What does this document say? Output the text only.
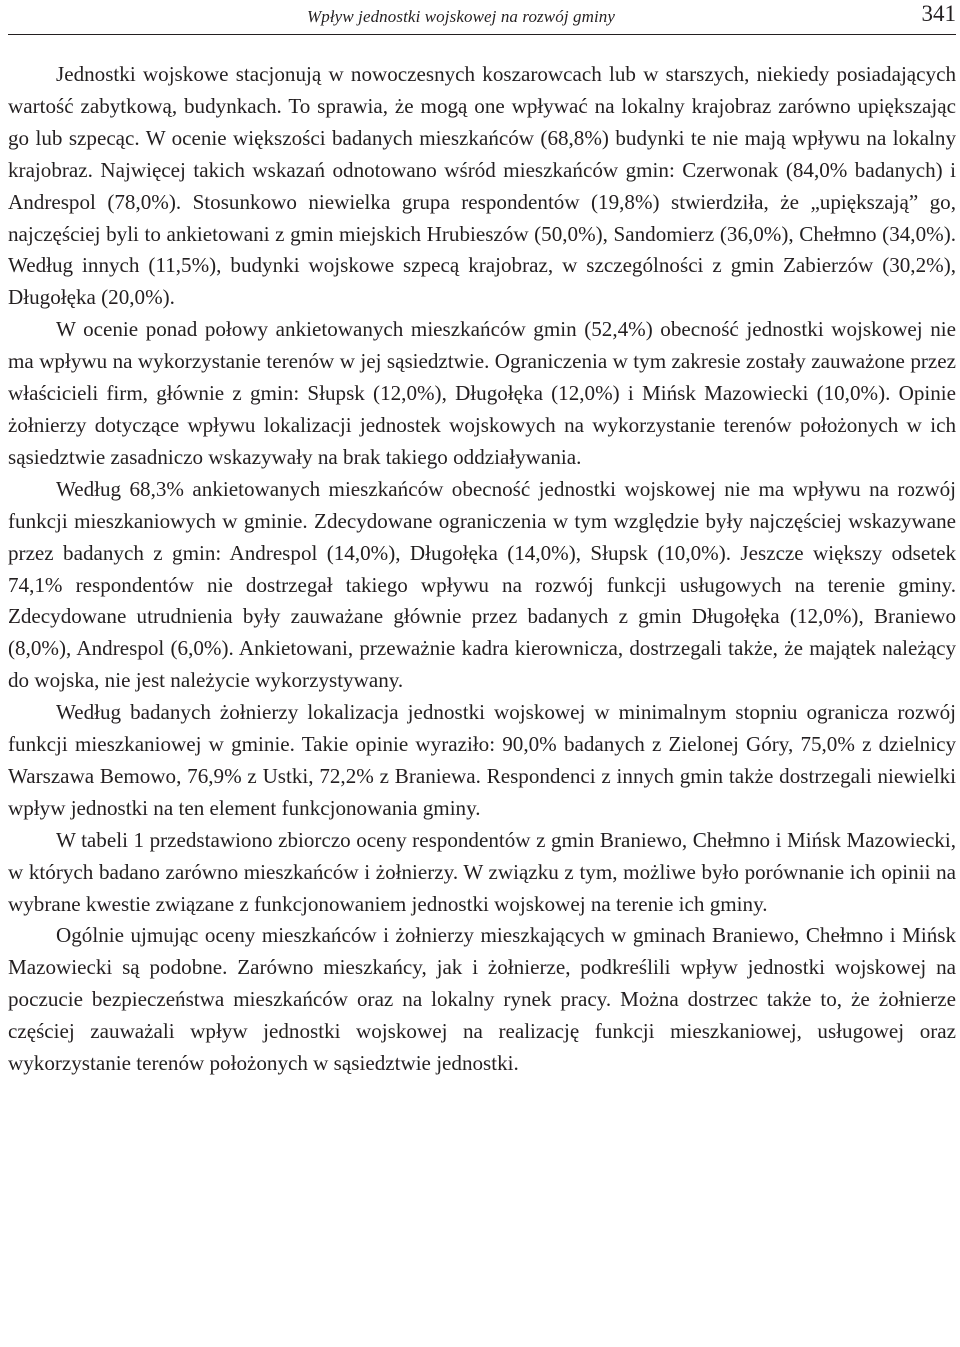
Wpływ jednostki wojskowej na rozwój gminy	341

Jednostki wojskowe stacjonują w nowoczesnych koszarowcach lub w starszych, niekiedy posiadających wartość zabytkową, budynkach. To sprawia, że mogą one wpływać na lokalny krajobraz zarówno upiększając go lub szpecąc. W ocenie większości badanych mieszkańców (68,8%) budynki te nie mają wpływu na lokalny krajobraz. Najwięcej takich wskazań odnotowano wśród mieszkańców gmin: Czerwonak (84,0% badanych) i Andrespol (78,0%). Stosunkowo niewielka grupa respondentów (19,8%) stwierdziła, że „upiększają” go, najczęściej byli to ankietowani z gmin miejskich Hrubieszów (50,0%), Sandomierz (36,0%), Chełmno (34,0%). Według innych (11,5%), budynki wojskowe szpecą krajobraz, w szczególności z gmin Zabierzów (30,2%), Długołęka (20,0%).

W ocenie ponad połowy ankietowanych mieszkańców gmin (52,4%) obecność jednostki wojskowej nie ma wpływu na wykorzystanie terenów w jej sąsiedztwie. Ograniczenia w tym zakresie zostały zauważone przez właścicieli firm, głównie z gmin: Słupsk (12,0%), Długołęka (12,0%) i Mińsk Mazowiecki (10,0%). Opinie żołnierzy dotyczące wpływu lokalizacji jednostek wojskowych na wykorzystanie terenów położonych w ich sąsiedztwie zasadniczo wskazywały na brak takiego oddziaływania.

Według 68,3% ankietowanych mieszkańców obecność jednostki wojskowej nie ma wpływu na rozwój funkcji mieszkaniowych w gminie. Zdecydowane ograniczenia w tym względzie były najczęściej wskazywane przez badanych z gmin: Andrespol (14,0%), Długołęka (14,0%), Słupsk (10,0%). Jeszcze większy odsetek 74,1% respondentów nie dostrzegał takiego wpływu na rozwój funkcji usługowych na terenie gminy. Zdecydowane utrudnienia były zauważane głównie przez badanych z gmin Długołęka (12,0%), Braniewo (8,0%), Andrespol (6,0%). Ankietowani, przeważnie kadra kierownicza, dostrzegali także, że majątek należący do wojska, nie jest należycie wykorzystywany.

Według badanych żołnierzy lokalizacja jednostki wojskowej w minimalnym stopniu ogranicza rozwój funkcji mieszkaniowej w gminie. Takie opinie wyraziło: 90,0% badanych z Zielonej Góry, 75,0% z dzielnicy Warszawa Bemowo, 76,9% z Ustki, 72,2% z Braniewa. Respondenci z innych gmin także dostrzegali niewielki wpływ jednostki na ten element funkcjonowania gminy.

W tabeli 1 przedstawiono zbiorczo oceny respondentów z gmin Braniewo, Chełmno i Mińsk Mazowiecki, w których badano zarówno mieszkańców i żołnierzy. W związku z tym, możliwe było porównanie ich opinii na wybrane kwestie związane z funkcjonowaniem jednostki wojskowej na terenie ich gminy.

Ogólnie ujmując oceny mieszkańców i żołnierzy mieszkających w gminach Braniewo, Chełmno i Mińsk Mazowiecki są podobne. Zarówno mieszkańcy, jak i żołnierze, podkreślili wpływ jednostki wojskowej na poczucie bezpieczeństwa mieszkańców oraz na lokalny rynek pracy. Można dostrzec także to, że żołnierze częściej zauważali wpływ jednostki wojskowej na realizację funkcji mieszkaniowej, usługowej oraz wykorzystanie terenów położonych w sąsiedztwie jednostki.
